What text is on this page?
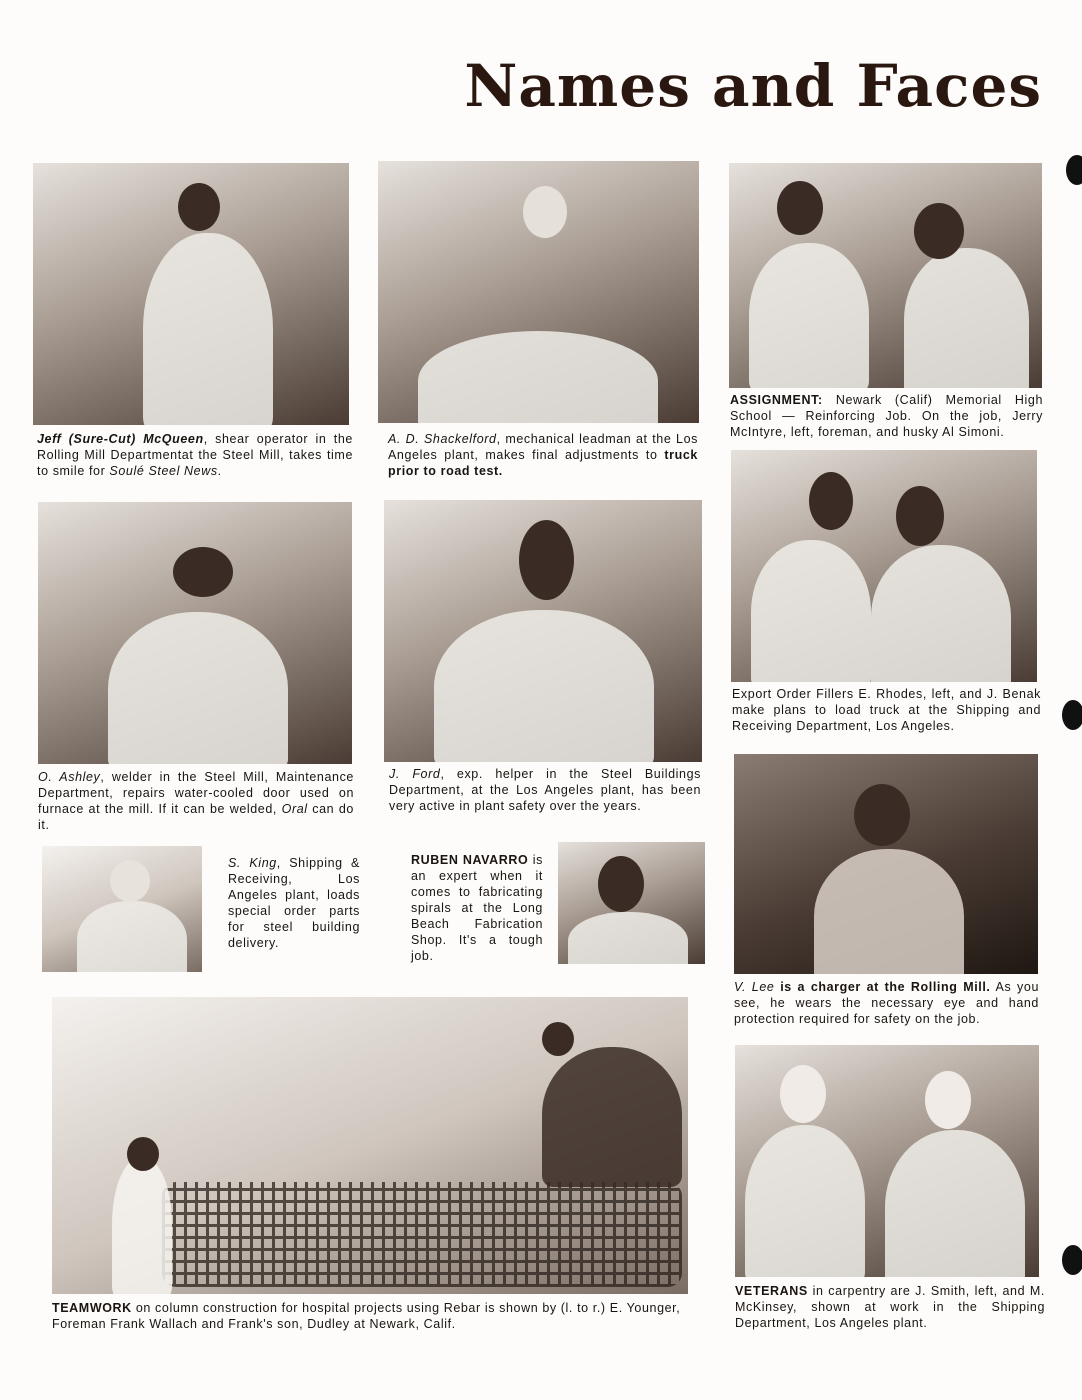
Names and Faces

Jeff (Sure-Cut) McQueen, shear operator in the Rolling Mill Departmentat the Steel Mill, takes time to smile for Soulé Steel News.

A. D. Shackelford, mechanical leadman at the Los Angeles plant, makes final adjustments to truck prior to road test.

ASSIGNMENT: Newark (Calif) Memorial High School — Reinforcing Job. On the job, Jerry McIntyre, left, foreman, and husky Al Simoni.

O. Ashley, welder in the Steel Mill, Maintenance Department, repairs water-cooled door used on furnace at the mill. If it can be welded, Oral can do it.

J. Ford, exp. helper in the Steel Buildings Department, at the Los Angeles plant, has been very active in plant safety over the years.

Export Order Fillers E. Rhodes, left, and J. Benak make plans to load truck at the Shipping and Receiving Department, Los Angeles.

S. King, Shipping & Receiving, Los Angeles plant, loads special order parts for steel building delivery.

RUBEN NAVARRO is an expert when it comes to fabricating spirals at the Long Beach Fabrication Shop. It's a tough job.

V. Lee is a charger at the Rolling Mill. As you see, he wears the necessary eye and hand protection required for safety on the job.

TEAMWORK on column construction for hospital projects using Rebar is shown by (l. to r.) E. Younger, Foreman Frank Wallach and Frank's son, Dudley at Newark, Calif.

VETERANS in carpentry are J. Smith, left, and M. McKinsey, shown at work in the Shipping Department, Los Angeles plant.
